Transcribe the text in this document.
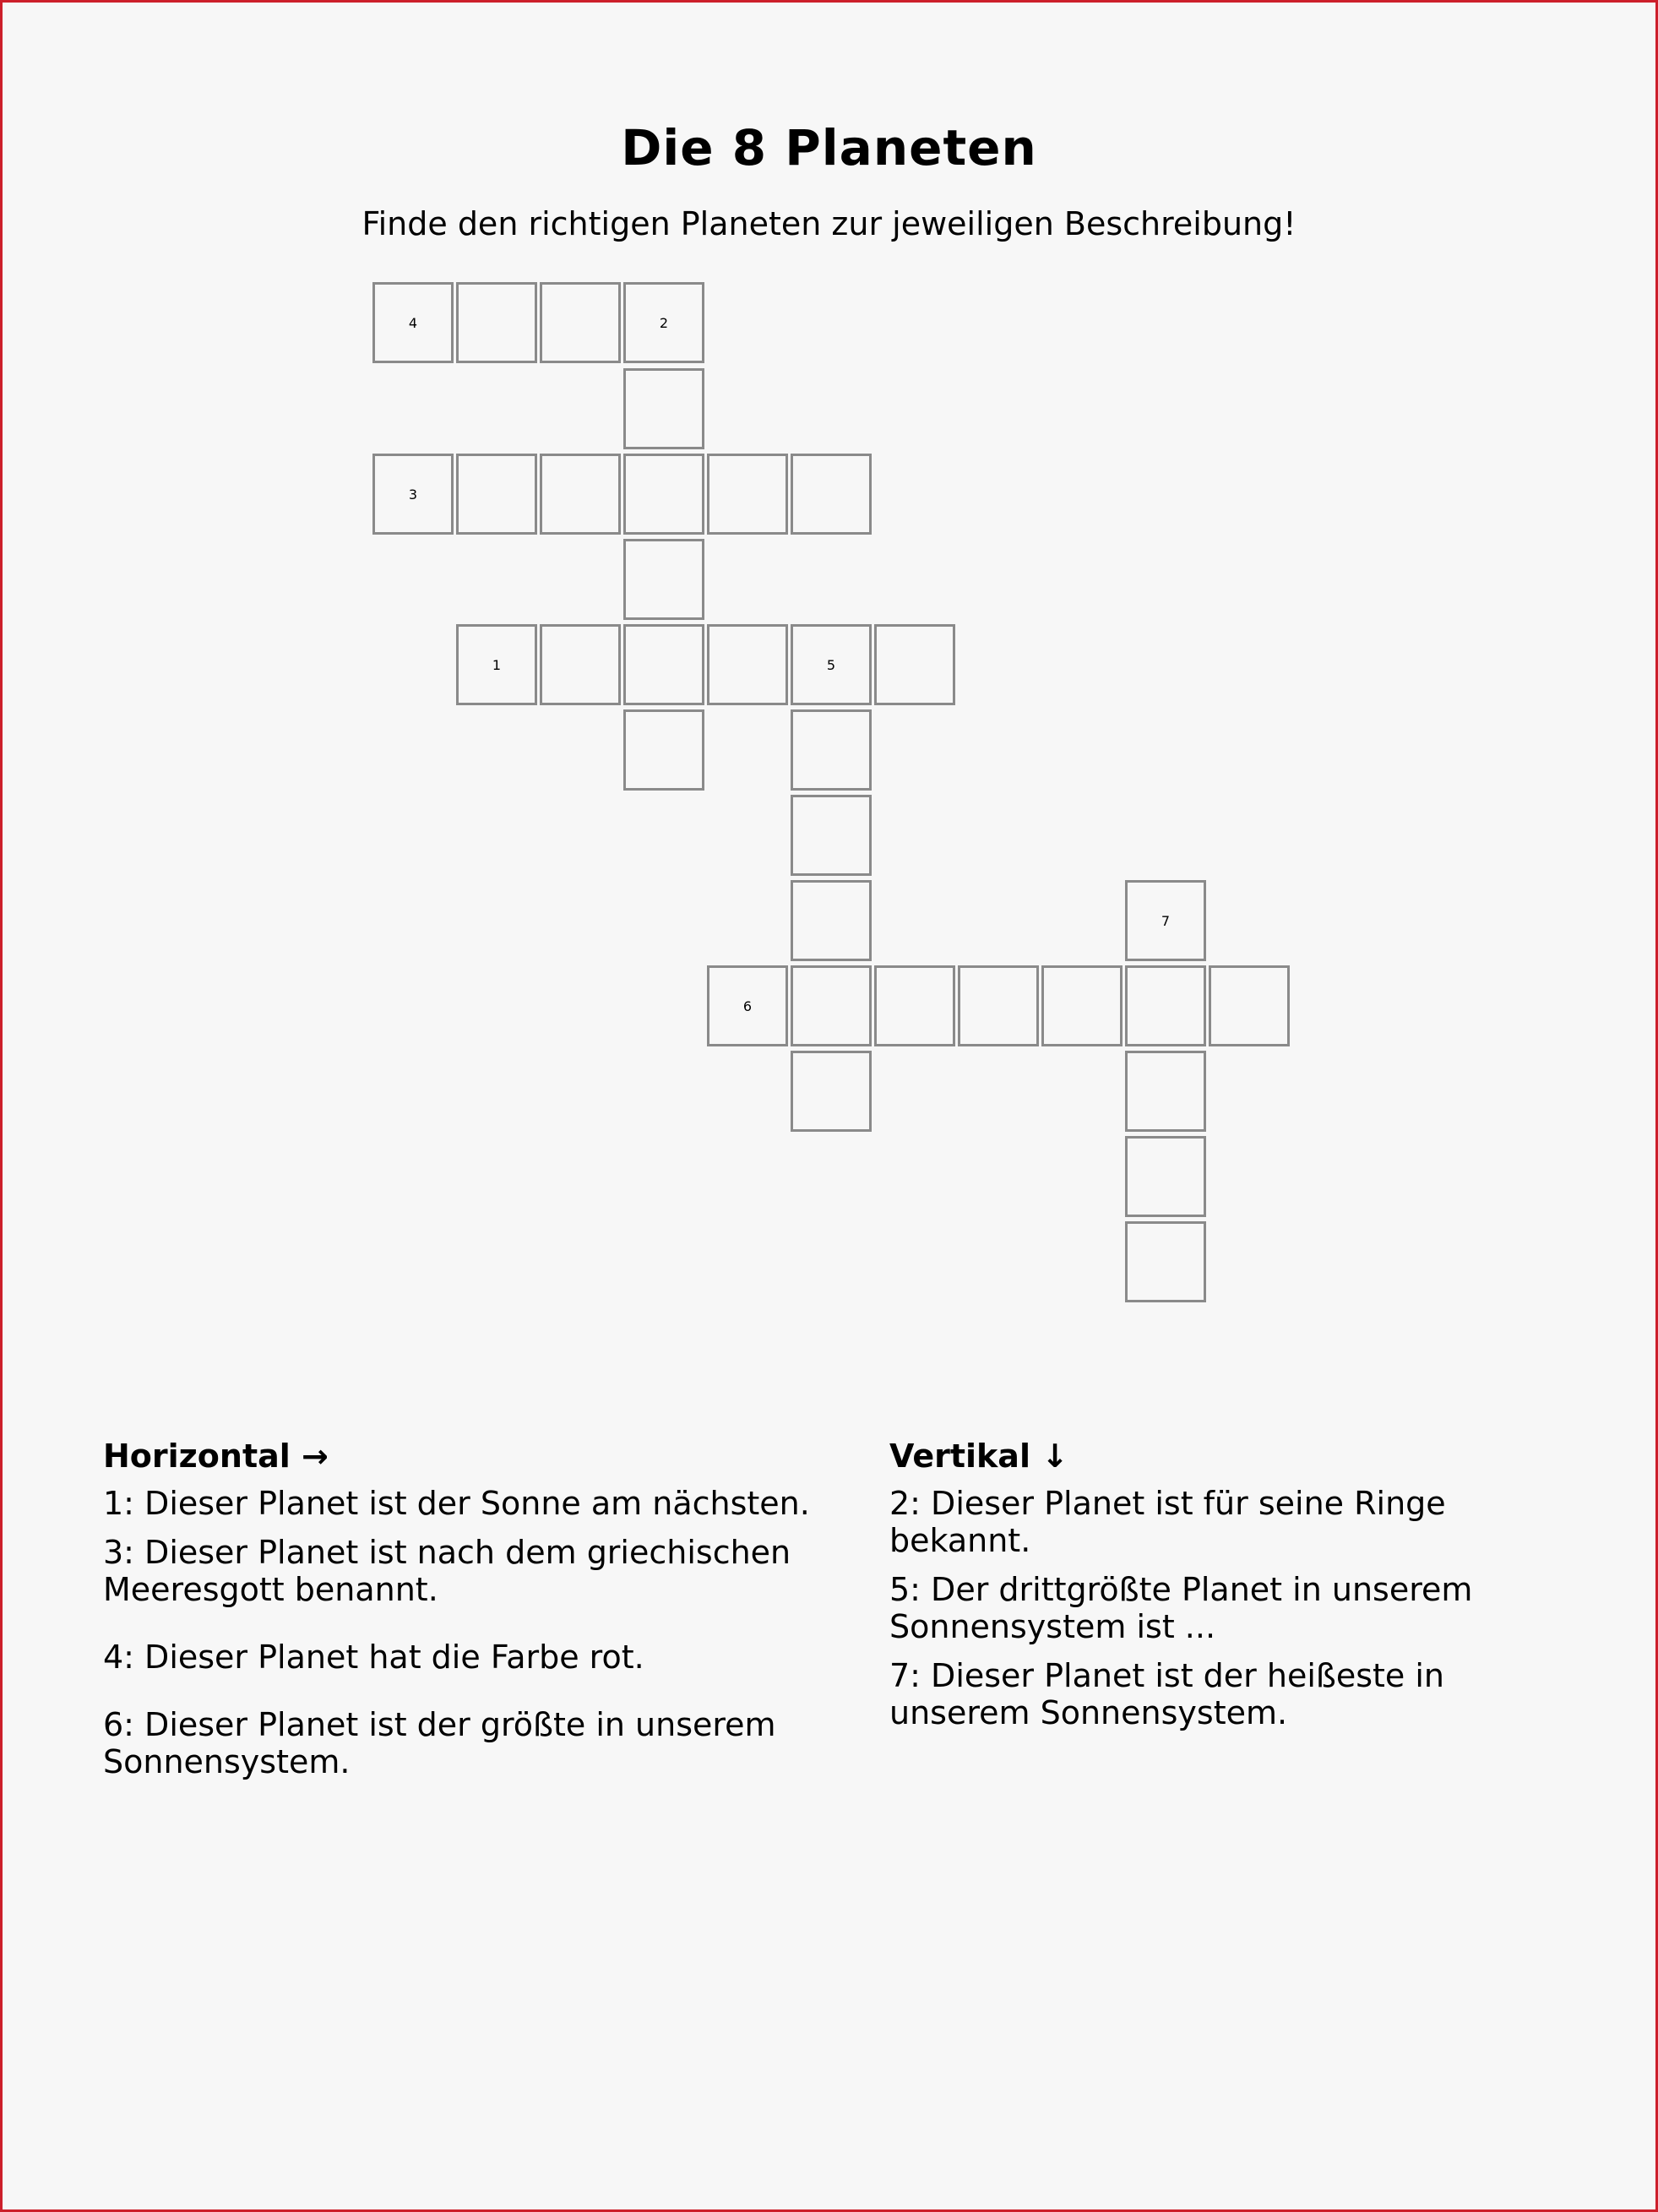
Die 8 Planeten
Finde den richtigen Planeten zur jeweiligen Beschreibung!
4	2
3
1	5
7
6
Horizontal →

1: Dieser Planet ist der Sonne am nächsten.

3: Dieser Planet ist nach dem griechischen Meeresgott benannt.

4: Dieser Planet hat die Farbe rot.

6: Dieser Planet ist der größte in unserem Sonnensystem.

Vertikal ↓

2: Dieser Planet ist für seine Ringe bekannt.

5: Der drittgrößte Planet in unserem Sonnensystem ist ...

7: Dieser Planet ist der heißeste in unserem Sonnensystem.
